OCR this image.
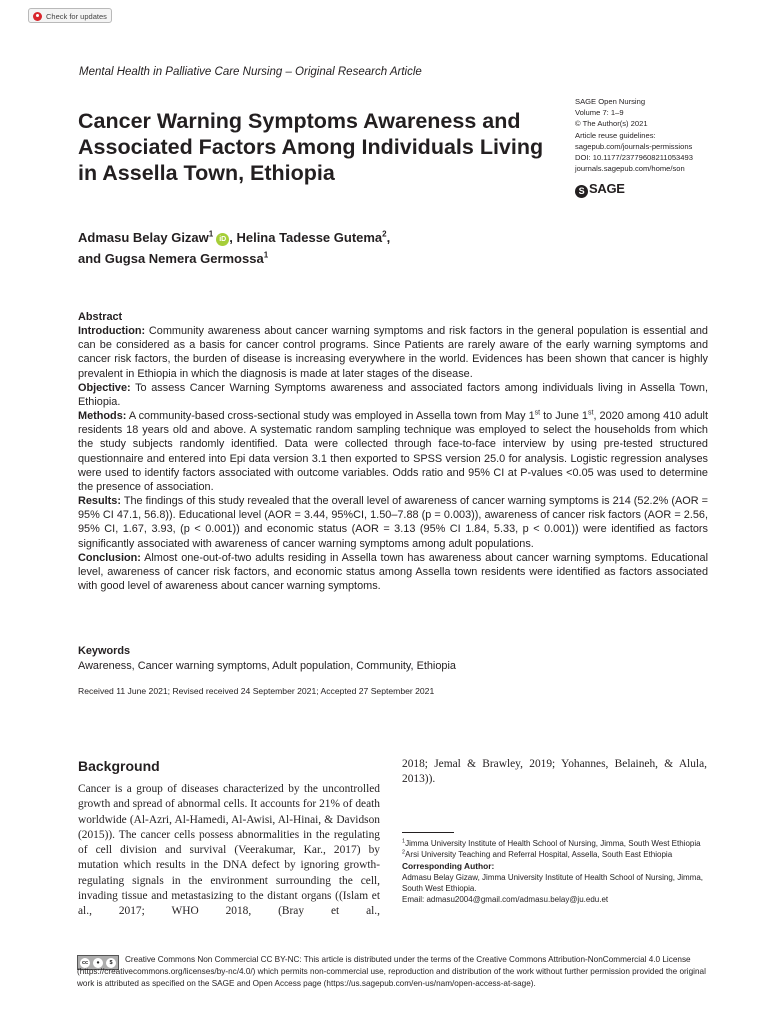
Check for updates
Mental Health in Palliative Care Nursing – Original Research Article
Cancer Warning Symptoms Awareness and Associated Factors Among Individuals Living in Assella Town, Ethiopia
SAGE Open Nursing
Volume 7: 1–9
© The Author(s) 2021
Article reuse guidelines:
sagepub.com/journals-permissions
DOI: 10.1177/23779608211053493
journals.sagepub.com/home/son
S SAGE
Admasu Belay Gizaw$^1$iD , Helina Tadesse Gutema$^2$,
and Gugsa Nemera Germossa$^1$
Abstract

Introduction: Community awareness about cancer warning symptoms and risk factors in the general population is essential and can be considered as a basis for cancer control programs. Since Patients are rarely aware of the early warning symptoms and cancer risk factors, the burden of disease is increasing everywhere in the world. Evidences has been shown that cancer is highly prevalent in Ethiopia in which the diagnosis is made at later stages of the disease.

Objective: To assess Cancer Warning Symptoms awareness and associated factors among individuals living in Assella Town, Ethiopia.

Methods: A community-based cross-sectional study was employed in Assella town from May 1st to June 1st, 2020 among 410 adult residents 18 years old and above. A systematic random sampling technique was employed to select the households from which the study subjects randomly identified. Data were collected through face-to-face interview by using pre-tested structured questionnaire and entered into Epi data version 3.1 then exported to SPSS version 25.0 for analysis. Logistic regression analyses were used to identify factors associated with outcome variables. Odds ratio and 95% CI at P-values <0.05 was used to determine the presence of association.

Results: The findings of this study revealed that the overall level of awareness of cancer warning symptoms is 214 (52.2% (AOR = 95% CI 47.1, 56.8)). Educational level (AOR = 3.44, 95%CI, 1.50–7.88 (p = 0.003)), awareness of cancer risk factors (AOR = 2.56, 95% CI, 1.67, 3.93, (p < 0.001)) and economic status (AOR = 3.13 (95% CI 1.84, 5.33, p < 0.001)) were identified as factors significantly associated with awareness of cancer warning symptoms among adult populations.

Conclusion: Almost one-out-of-two adults residing in Assella town has awareness about cancer warning symptoms. Educational level, awareness of cancer risk factors, and economic status among Assella town residents were identified as factors associated with good level of awareness about cancer warning symptoms.

Keywords
Awareness, Cancer warning symptoms, Adult population, Community, Ethiopia
Received 11 June 2021; Revised received 24 September 2021; Accepted 27 September 2021
Background
Cancer is a group of diseases characterized by the uncontrolled growth and spread of abnormal cells. It accounts for 21% of death worldwide (Al-Azri, Al-Hamedi, Al-Awisi, Al-Hinai, & Davidson (2015)). The cancer cells possess abnormalities in the regulating of cell division and survival (Veerakumar, Kar., 2017) by mutation which results in the DNA defect by ignoring growth-regulating signals in the environment surrounding the cell, invading tissue and metastasizing to the distant organs ((Islam et al., 2017; WHO 2018, (Bray et al.,
2018; Jemal & Brawley, 2019; Yohannes, Belaineh, & Alula, 2013)).
$^1$Jimma University Institute of Health School of Nursing, Jimma, South West Ethiopia
$^2$Arsi University Teaching and Referral Hospital, Assella, South East Ethiopia
Corresponding Author:
Admasu Belay Gizaw, Jimma University Institute of Health School of Nursing, Jimma, South West Ethiopia.
Email: admasu2004@gmail.com/admasu.belay@ju.edu.et
cc	●	$	Creative Commons Non Commercial CC BY-NC: This article is distributed under the terms of the Creative Commons Attribution-NonCommercial 4.0 License (https://creativecommons.org/licenses/by-nc/4.0/) which permits non-commercial use, reproduction and distribution of the work without further permission provided the original work is attributed as specified on the SAGE and Open Access page (https://us.sagepub.com/en-us/nam/open-access-at-sage).
